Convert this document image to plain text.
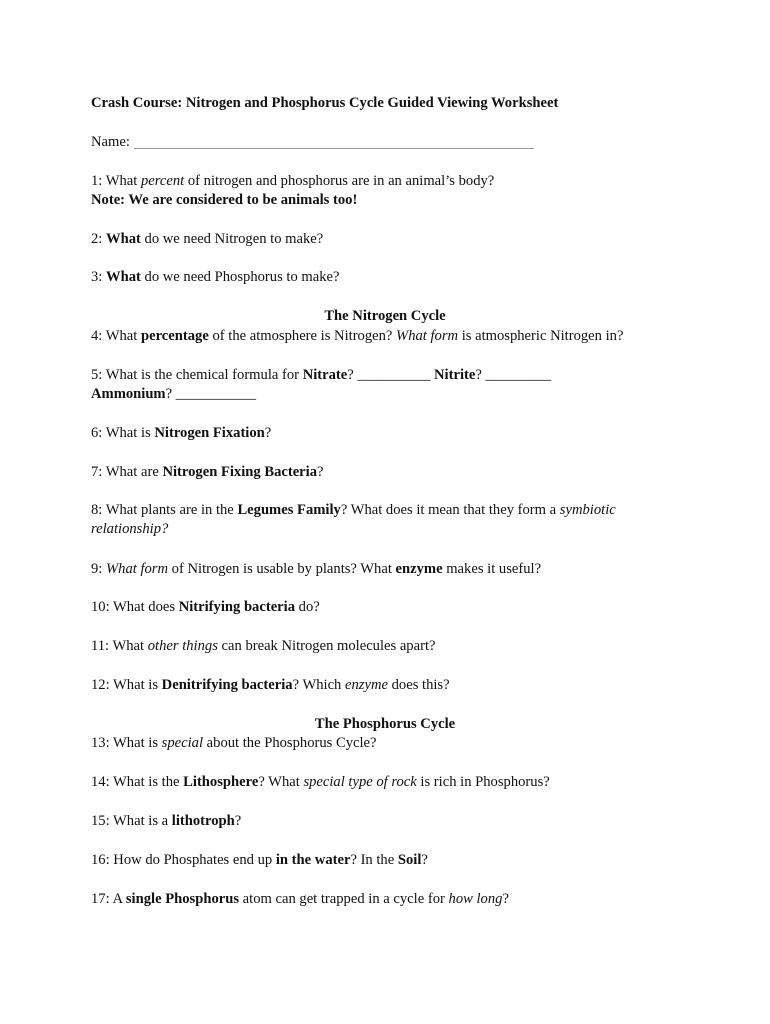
Crash Course: Nitrogen and Phosphorus Cycle Guided Viewing Worksheet
Name:
1: What percent of nitrogen and phosphorus are in an animal’s body?
Note: We are considered to be animals too!
2: What do we need Nitrogen to make?
3: What do we need Phosphorus to make?
The Nitrogen Cycle
4: What percentage of the atmosphere is Nitrogen? What form is atmospheric Nitrogen in?
5: What is the chemical formula for Nitrate? __________ Nitrite? _________
Ammonium? ___________
6: What is Nitrogen Fixation?
7: What are Nitrogen Fixing Bacteria?
8: What plants are in the Legumes Family? What does it mean that they form a symbiotic
relationship?
9: What form of Nitrogen is usable by plants? What enzyme makes it useful?
10: What does Nitrifying bacteria do?
11: What other things can break Nitrogen molecules apart?
12: What is Denitrifying bacteria? Which enzyme does this?
The Phosphorus Cycle
13: What is special about the Phosphorus Cycle?
14: What is the Lithosphere? What special type of rock is rich in Phosphorus?
15: What is a lithotroph?
16: How do Phosphates end up in the water? In the Soil?
17: A single Phosphorus atom can get trapped in a cycle for how long?
